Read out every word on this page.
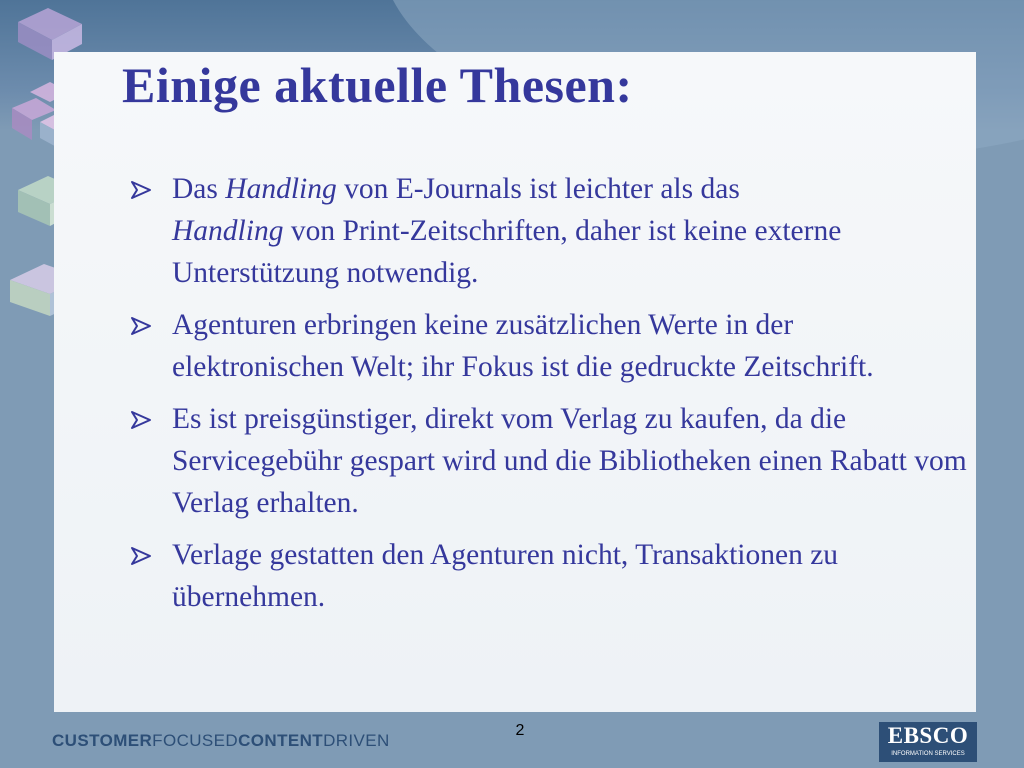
Einige aktuelle Thesen:
Das Handling von E-Journals ist leichter als das
Handling von Print-Zeitschriften, daher ist keine externe Unterstützung notwendig.
Agenturen erbringen keine zusätzlichen Werte in der elektronischen Welt; ihr Fokus ist die gedruckte Zeitschrift.
Es ist preisgünstiger, direkt vom Verlag zu kaufen, da die Servicegebühr gespart wird und die Bibliotheken einen Rabatt vom Verlag erhalten.
Verlage gestatten den Agenturen nicht, Transaktionen zu übernehmen.
CUSTOMERFOCUSEDCONTENTDRIVEN
2	EBSCO
INFORMATION SERVICES
